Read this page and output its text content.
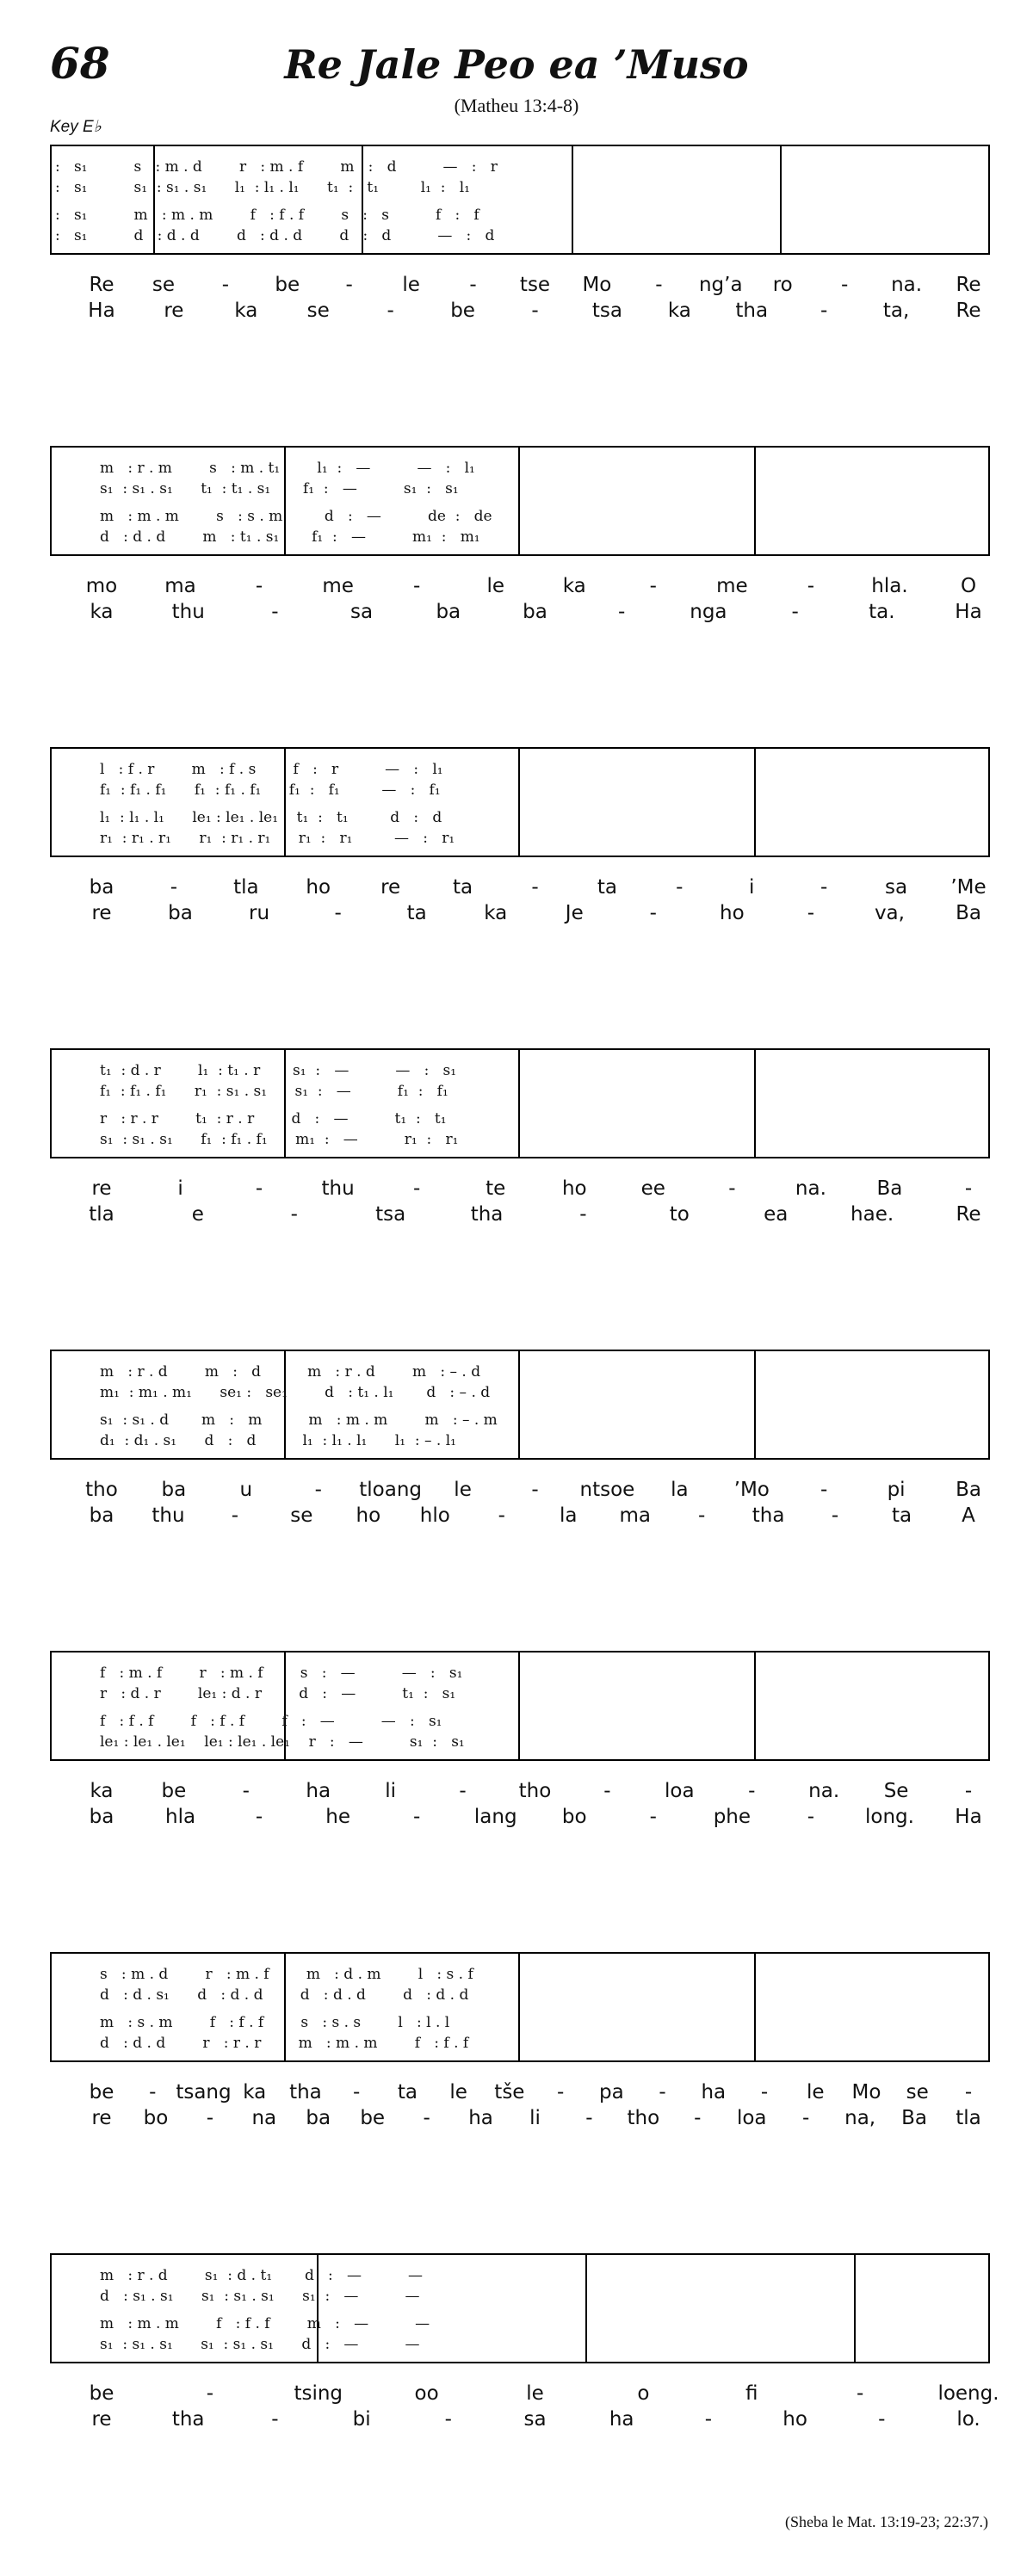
68	Re Jale Peo ea ’Muso
(Matheu 13:4-8)
Key E♭
:   s₁          s   : m . d        r   : m . f        m   :   d          —   :   r
:   s₁          s₁  : s₁ . s₁      l₁  : l₁ . l₁      t₁  :   t₁         l₁  :   l₁
:   s₁          m   : m . m        f   : f . f        s   :   s          f   :   f
:   s₁          d   : d . d        d   : d . d        d   :   d          —   :   d
Re se - be -	le - tse Mo - ng’a ro - na. Re
Ha re	ka se	-	be	-	tsa ka tha	-	ta, Re
m   : r . m        s   : m . t₁        l₁  :   —          —   :   l₁
s₁  : s₁ . s₁      t₁  : t₁ . s₁       f₁  :   —          s₁  :   s₁
m   : m . m        s   : s . m         d   :   —          de  :   de
d   : d . d        m   : t₁ . s₁       f₁  :   —          m₁  :   m₁
mo ma	-	me	-	le	ka	-	me	-	hla.	O
ka	thu	-	sa	ba	ba	-	nga	-	ta.	Ha
l   : f . r        m   : f . s        f   :   r          —   :   l₁
f₁  : f₁ . f₁      f₁  : f₁ . f₁      f₁  :   f₁         —   :   f₁
l₁  : l₁ . l₁      le₁ : le₁ . le₁    t₁  :   t₁         d   :   d
r₁  : r₁ . r₁      r₁  : r₁ . r₁      r₁  :   r₁         —   :   r₁
ba	-	tla ho	re	ta	-	ta	-	i	-	sa ’Me
re	ba	ru	-	ta	ka	Je	-	ho	-	va,	Ba
t₁  : d . r        l₁  : t₁ . r       s₁  :   —          —   :   s₁
f₁  : f₁ . f₁      r₁  : s₁ . s₁      s₁  :   —          f₁  :   f₁
r   : r . r        t₁  : r . r        d   :   —          t₁  :   t₁
s₁  : s₁ . s₁      f₁  : f₁ . f₁      m₁  :   —          r₁  :   r₁
re	i	-	thu	-	te	ho	ee	-	na.	Ba	-
tla	e	-	tsa	tha	-	to	ea	hae.	Re
m   : r . d        m   :   d          m   : r . d        m   : – . d
m₁  : m₁ . m₁      se₁ :   se₁        d   : t₁ . l₁       d   : – . d
s₁  : s₁ . d       m   :   m          m   : m . m        m   : – . m
d₁  : d₁ . s₁      d   :   d          l₁  : l₁ . l₁      l₁  : – . l₁
tho ba	u	- tloang le	- ntsoe la ’Mo	-	pi	Ba
ba thu -	se ho hlo -	la ma - tha -	ta	A
f   : m . f        r   : m . f        s   :   —          —   :   s₁
r   : d . r        le₁ : d . r        d   :   —          t₁  :   s₁
f   : f . f        f   : f . f        f   :   —          —   :   s₁
le₁ : le₁ . le₁    le₁ : le₁ . le₁    r   :   —          s₁  :   s₁
ka be	-	ha	li	-	tho	-	loa	-	na. Se	-
ba	hla	-	he	-	lang bo	-	phe	-	long. Ha
s   : m . d        r   : m . f        m   : d . m        l   : s . f
d   : d . s₁      d   : d . d        d   : d . d        d   : d . d
m   : s . m        f   : f . f        s   : s . s        l   : l . l
d   : d . d        r   : r . r        m   : m . m        f   : f . f
be - tsang ka tha - ta le tše - pa - ha - le Mo se -
re bo - na ba be - ha li - tho - loa - na, Ba tla
m   : r . d        s₁  : d . t₁       d   :   —          —
d   : s₁ . s₁      s₁  : s₁ . s₁      s₁  :   —          —
m   : m . m        f   : f . f        m   :   —          —
s₁  : s₁ . s₁      s₁  : s₁ . s₁      d   :   —          —
be	-	tsing	oo	le	o	fi	-	loeng.
re	tha	-	bi	-	sa	ha	-	ho	-	lo.
(Sheba le Mat. 13:19-23; 22:37.)
